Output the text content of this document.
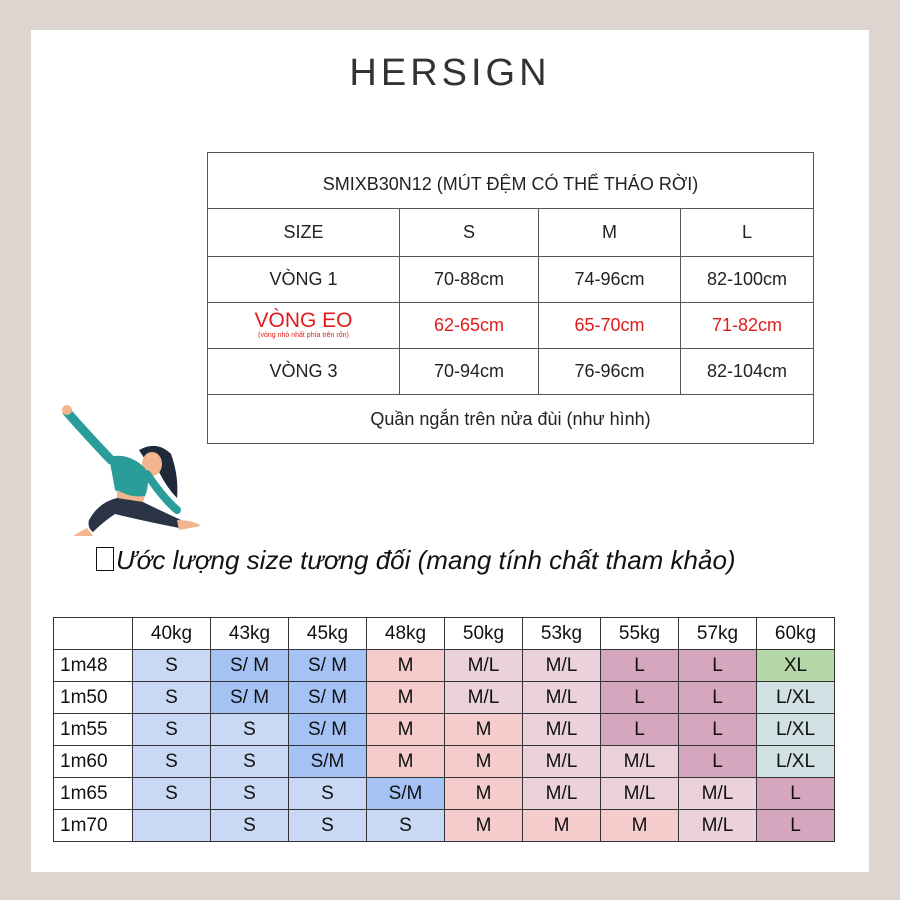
HERSIGN
SMIXB30N12 (MÚT ĐỆM CÓ THỂ THÁO RỜI)			
SIZE	S	M	L
VÒNG 1	70-88cm	74-96cm	82-100cm

VÒNG EO
(vòng nhỏ nhất phía trên rốn)	62-65cm	65-70cm	71-82cm
VÒNG 3	70-94cm	76-96cm	82-104cm
Quần ngắn trên nửa đùi (như hình)			
Ước lượng size tương đối (mang tính chất tham khảo)
	40kg	43kg	45kg	48kg	50kg	53kg	55kg	57kg	60kg
1m48	S	S/ M	S/ M	M	M/L	M/L	L	L	XL
1m50	S	S/ M	S/ M	M	M/L	M/L	L	L	L/XL
1m55	S	S	S/ M	M	M	M/L	L	L	L/XL
1m60	S	S	S/M	M	M	M/L	M/L	L	L/XL
1m65	S	S	S	S/M	M	M/L	M/L	M/L	L
1m70		S	S	S	M	M	M	M/L	L
